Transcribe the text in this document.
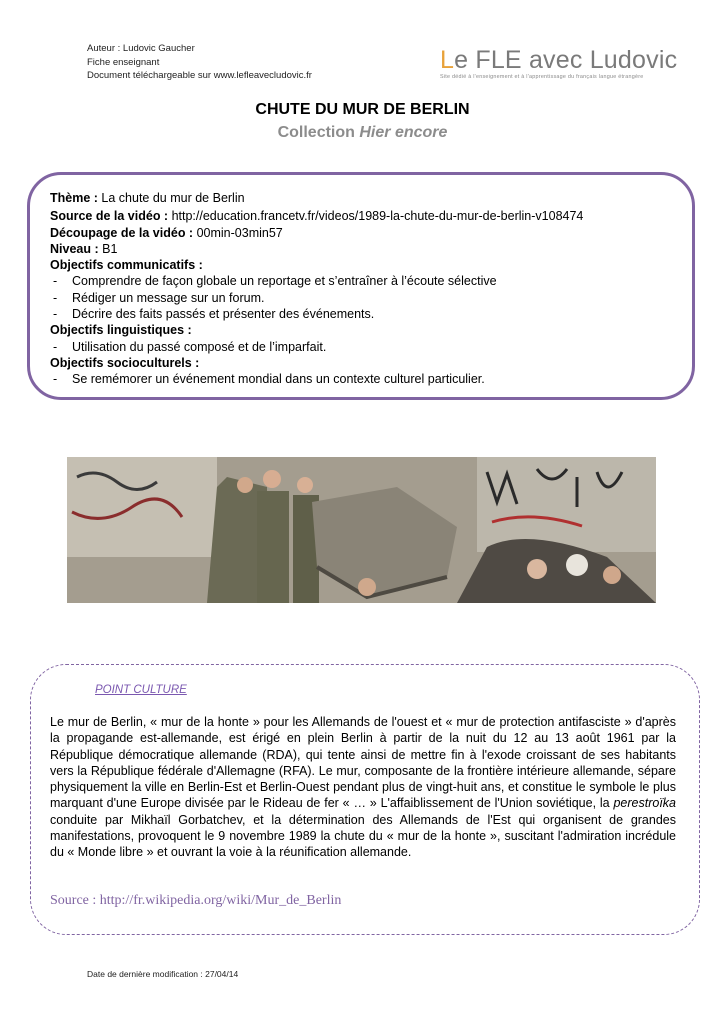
Auteur : Ludovic Gaucher
Fiche enseignant
Document téléchargeable sur www.lefleavecludovic.fr
Le FLE avec Ludovic
Site dédié à l'enseignement et à l'apprentissage du français langue étrangère
CHUTE DU MUR DE BERLIN
Collection Hier encore
Thème : La chute du mur de Berlin
Source de la vidéo : http://education.francetv.fr/videos/1989-la-chute-du-mur-de-berlin-v108474
Découpage de la vidéo : 00min-03min57
Niveau : B1
Objectifs communicatifs :
- Comprendre de façon globale un reportage et s’entraîner à l’écoute sélective
- Rédiger un message sur un forum.
- Décrire des faits passés et présenter des événements.
Objectifs linguistiques :
- Utilisation du passé composé et de l’imparfait.
Objectifs socioculturels :
- Se remémorer un événement mondial dans un contexte culturel particulier.
POINT CULTURE
Le mur de Berlin, « mur de la honte » pour les Allemands de l'ouest et « mur de protection antifasciste » d'après la propagande est-allemande, est érigé en plein Berlin à partir de la nuit du 12 au 13 août 1961 par la République démocratique allemande (RDA), qui tente ainsi de mettre fin à l'exode croissant de ses habitants vers la République fédérale d'Allemagne (RFA). Le mur, composante de la frontière intérieure allemande, sépare physiquement la ville en Berlin-Est et Berlin-Ouest pendant plus de vingt-huit ans, et constitue le symbole le plus marquant d'une Europe divisée par le Rideau de fer « … » L'affaiblissement de l'Union soviétique, la perestroïka conduite par Mikhaïl Gorbatchev, et la détermination des Allemands de l'Est qui organisent de grandes manifestations, provoquent le 9 novembre 1989 la chute du « mur de la honte », suscitant l'admiration incrédule du « Monde libre » et ouvrant la voie à la réunification allemande.
Source : http://fr.wikipedia.org/wiki/Mur_de_Berlin
Date de dernière modification : 27/04/14
